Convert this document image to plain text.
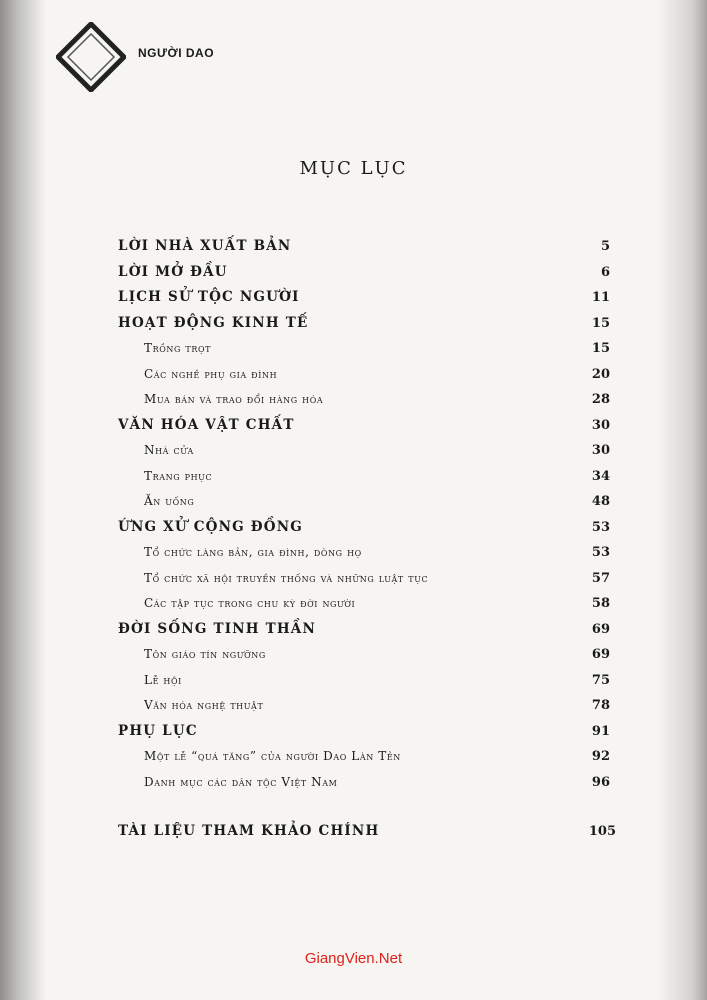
NGƯỜI DAO
MỤC LỤC
LỜI NHÀ XUẤT BẢN	5
LỜI MỞ ĐẦU	6
LỊCH SỬ TỘC NGƯỜI	11
HOẠT ĐỘNG KINH TẾ	15
Trồng trọt	15
Các nghề phụ gia đình	20
Mua bán và trao đổi hàng hóa	28
VĂN HÓA VẬT CHẤT	30
Nhà cửa	30
Trang phục	34
Ăn uống	48
ỨNG XỬ CỘNG ĐỒNG	53
Tổ chức làng bản, gia đình, dòng họ	53
Tổ chức xã hội truyền thống và những luật tục	57
Các tập tục trong chu kỳ đời người	58
ĐỜI SỐNG TINH THẦN	69
Tôn giáo tín ngưỡng	69
Lễ hội	75
Văn hóa nghệ thuật	78
PHỤ LỤC	91
Một lễ “quá tăng” của người Dao Làn Tẻn	92
Danh mục các dân tộc Việt Nam	96
TÀI LIỆU THAM KHẢO CHÍNH	105
GiangVien.Net
